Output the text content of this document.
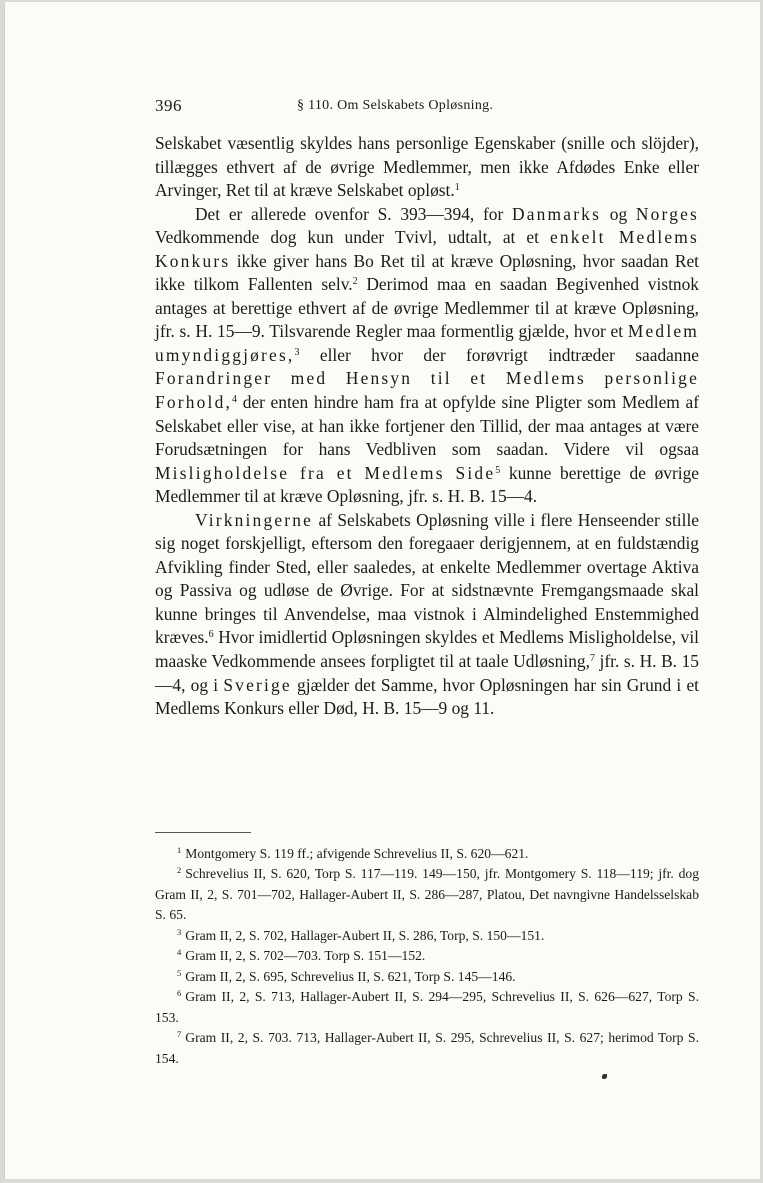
396	§ 110. Om Selskabets Opløsning.

Selskabet væsentlig skyldes hans personlige Egenskaber (snille och slöjder), tillægges ethvert af de øvrige Medlemmer, men ikke Afdødes Enke eller Arvinger, Ret til at kræve Selskabet opløst.$^1$

Det er allerede ovenfor S. 393—394, for Danmarks og Norges Vedkommende dog kun under Tvivl, udtalt, at et enkelt Medlems Konkurs ikke giver hans Bo Ret til at kræve Opløsning, hvor saadan Ret ikke tilkom Fallenten selv.$^2$ Derimod maa en saadan Begivenhed vistnok antages at berettige ethvert af de øvrige Medlemmer til at kræve Opløsning, jfr. s. H. 15—9. Tilsvarende Regler maa formentlig gjælde, hvor et Medlem umyndiggjøres,$^3$ eller hvor der forøvrigt indtræder saadanne Forandringer med Hensyn til et Medlems personlige Forhold,$^4$ der enten hindre ham fra at opfylde sine Pligter som Medlem af Selskabet eller vise, at han ikke fortjener den Tillid, der maa antages at være Forudsætningen for hans Vedbliven som saadan. Videre vil ogsaa Misligholdelse fra et Medlems Side$^5$ kunne berettige de øvrige Medlemmer til at kræve Opløsning, jfr. s. H. B. 15—4.

Virkningerne af Selskabets Opløsning ville i flere Henseender stille sig noget forskjelligt, eftersom den foregaaer derigjennem, at en fuldstændig Afvikling finder Sted, eller saaledes, at enkelte Medlemmer overtage Aktiva og Passiva og udløse de Øvrige. For at sidstnævnte Fremgangsmaade skal kunne bringes til Anvendelse, maa vistnok i Almindelighed Enstemmighed kræves.$^6$ Hvor imidlertid Opløsningen skyldes et Medlems Misligholdelse, vil maaske Vedkommende ansees forpligtet til at taale Udløsning,$^7$ jfr. s. H. B. 15—4, og i Sverige gjælder det Samme, hvor Opløsningen har sin Grund i et Medlems Konkurs eller Død, H. B. 15—9 og 11.

$^1$ Montgomery S. 119 ff.; afvigende Schrevelius II, S. 620—621.

$^2$ Schrevelius II, S. 620, Torp S. 117—119. 149—150, jfr. Montgomery S. 118—119; jfr. dog Gram II, 2, S. 701—702, Hallager-Aubert II, S. 286—287, Platou, Det navngivne Handelsselskab S. 65.

$^3$ Gram II, 2, S. 702, Hallager-Aubert II, S. 286, Torp, S. 150—151.

$^4$ Gram II, 2, S. 702—703. Torp S. 151—152.

$^5$ Gram II, 2, S. 695, Schrevelius II, S. 621, Torp S. 145—146.

$^6$ Gram II, 2, S. 713, Hallager-Aubert II, S. 294—295, Schrevelius II, S. 626—627, Torp S. 153.

$^7$ Gram II, 2, S. 703. 713, Hallager-Aubert II, S. 295, Schrevelius II, S. 627; herimod Torp S. 154.
